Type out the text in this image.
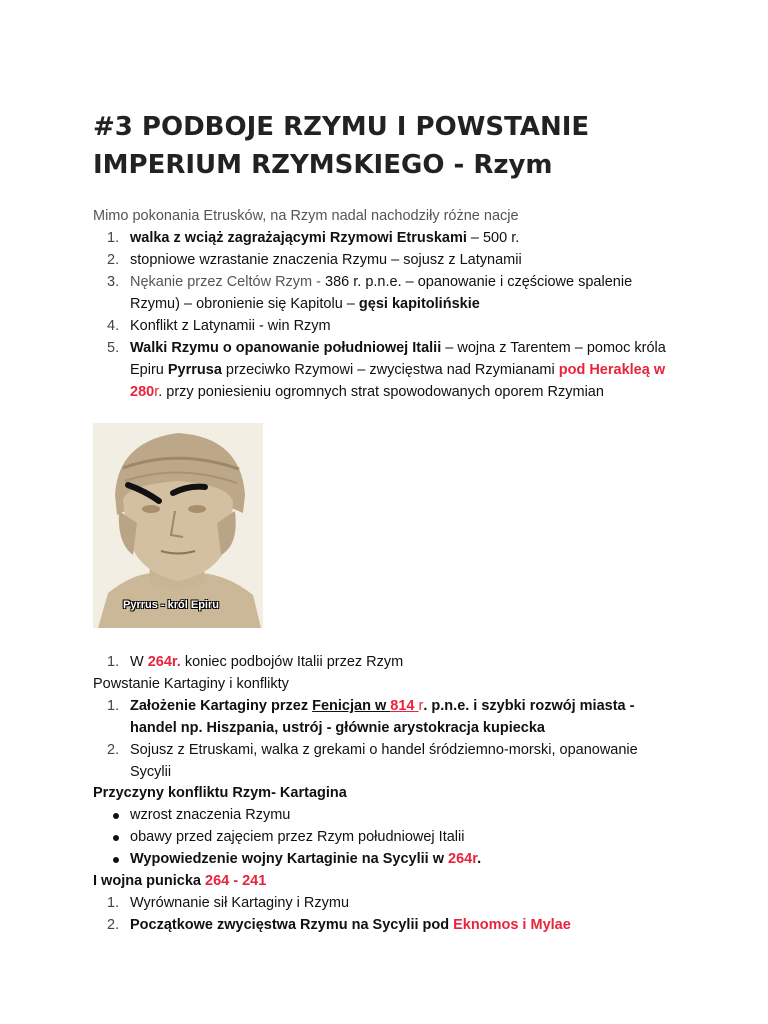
#3 PODBOJE RZYMU I POWSTANIE IMPERIUM RZYMSKIEGO - Rzym
Mimo pokonania Etrusków, na Rzym nadal nachodziły różne nacje
1. walka z wciąż zagrażającymi Rzymowi Etruskami – 500 r.
2. stopniowe wzrastanie znaczenia Rzymu – sojusz z Latynamii
3. Nękanie przez Celtów Rzym - 386 r. p.n.e. – opanowanie i częściowe spalenie Rzymu) – obronienie się Kapitolu – gęsi kapitolińskie
4. Konflikt z Latynamii - win Rzym
5. Walki Rzymu o opanowanie południowej Italii – wojna z Tarentem – pomoc króla Epiru Pyrrusa przeciwko Rzymowi – zwycięstwa nad Rzymianami pod Herakleą w 280r. przy poniesieniu ogromnych strat spowodowanych oporem Rzymian
Pyrrus - król Epiru
1. W 264r. koniec podbojów Italii przez Rzym
Powstanie Kartaginy i konflikty
1. Założenie Kartaginy przez Fenicjan w 814 r. p.n.e. i szybki rozwój miasta - handel np. Hiszpania, ustrój - głównie arystokracja kupiecka
2. Sojusz z Etruskami, walka z grekami o handel śródziemno-morski, opanowanie Sycylii
Przyczyny konfliktu Rzym- Kartagina
wzrost znaczenia Rzymu
obawy przed zajęciem przez Rzym południowej Italii
Wypowiedzenie wojny Kartaginie na Sycylii w 264r.
I wojna punicka 264 - 241
1. Wyrównanie sił Kartaginy i Rzymu
2. Początkowe zwycięstwa Rzymu na Sycylii pod Eknomos i Mylae
